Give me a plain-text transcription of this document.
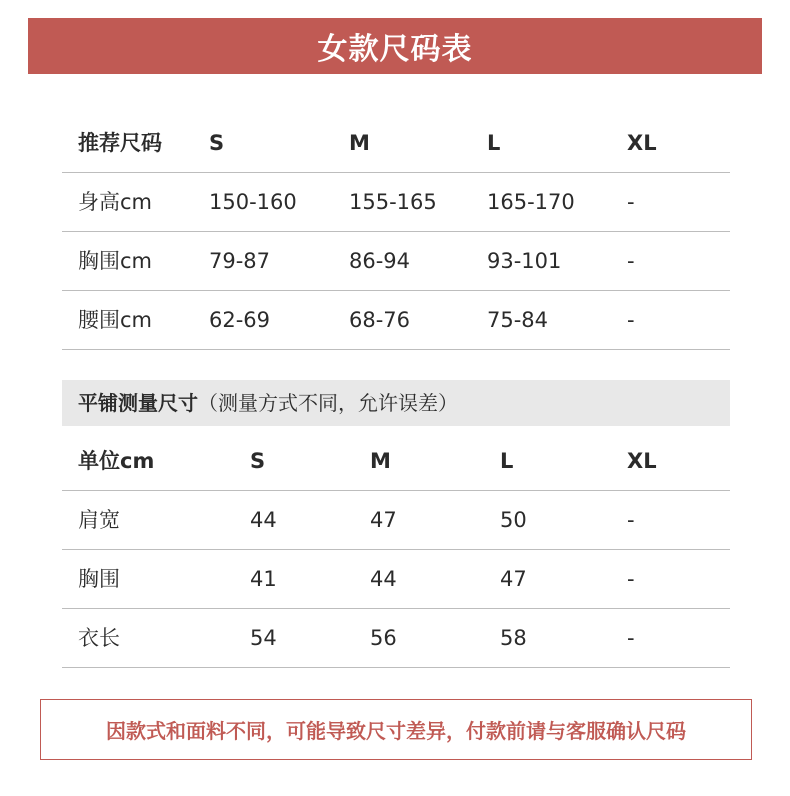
女款尺码表
推荐尺码 S	M	L	XL
身高cm	150-160 155-165 165-170 -
胸围cm	79-87	86-94	93-101	-
腰围cm	62-69	68-76	75-84	-
平铺测量尺寸（测量方式不同，允许误差）
单位cm	S	M	L	XL
肩宽	44	47	50	-
胸围	41	44	47	-
衣长	54	56	58	-
因款式和面料不同，可能导致尺寸差异，付款前请与客服确认尺码
